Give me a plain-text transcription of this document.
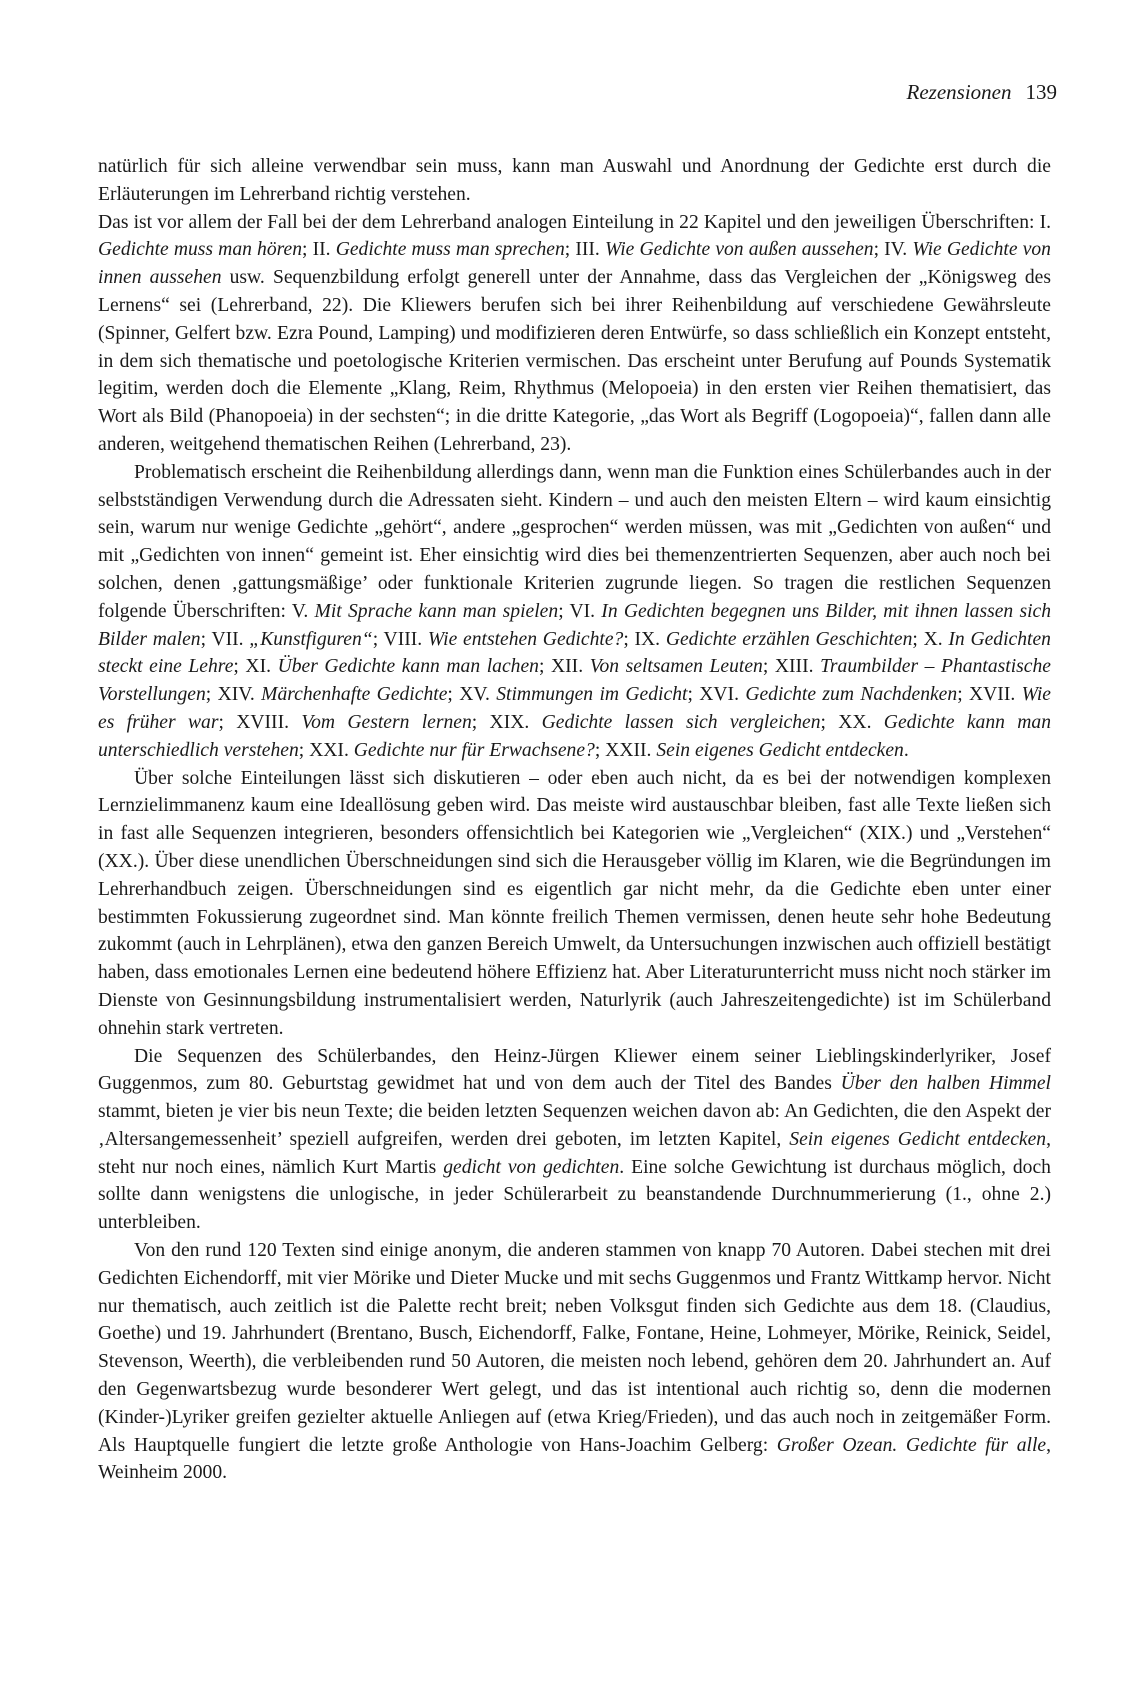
Rezensionen 139

natürlich für sich alleine verwendbar sein muss, kann man Auswahl und Anordnung der Gedichte erst durch die Erläuterungen im Lehrerband richtig verstehen.

Das ist vor allem der Fall bei der dem Lehrerband analogen Einteilung in 22 Kapitel und den jeweiligen Überschriften: I. Gedichte muss man hören; II. Gedichte muss man sprechen; III. Wie Gedichte von außen aussehen; IV. Wie Gedichte von innen aussehen usw. Sequenzbildung erfolgt generell unter der Annahme, dass das Vergleichen der „Königsweg des Lernens“ sei (Lehrerband, 22). Die Kliewers berufen sich bei ihrer Reihenbildung auf verschiedene Gewährsleute (Spinner, Gelfert bzw. Ezra Pound, Lamping) und modifizieren deren Entwürfe, so dass schließlich ein Konzept entsteht, in dem sich thematische und poetologische Kriterien vermischen. Das erscheint unter Berufung auf Pounds Systematik legitim, werden doch die Elemente „Klang, Reim, Rhythmus (Melopoeia) in den ersten vier Reihen thematisiert, das Wort als Bild (Phanopoeia) in der sechsten“; in die dritte Kategorie, „das Wort als Begriff (Logopoeia)“, fallen dann alle anderen, weitgehend thematischen Reihen (Lehrerband, 23).

Problematisch erscheint die Reihenbildung allerdings dann, wenn man die Funktion eines Schülerbandes auch in der selbstständigen Verwendung durch die Adressaten sieht. Kindern – und auch den meisten Eltern – wird kaum einsichtig sein, warum nur wenige Gedichte „gehört“, andere „gesprochen“ werden müssen, was mit „Gedichten von außen“ und mit „Gedichten von innen“ gemeint ist. Eher einsichtig wird dies bei themenzentrierten Sequenzen, aber auch noch bei solchen, denen ‚gattungsmäßige’ oder funktionale Kriterien zugrunde liegen. So tragen die restlichen Sequenzen folgende Überschriften: V. Mit Sprache kann man spielen; VI. In Gedichten begegnen uns Bilder, mit ihnen lassen sich Bilder malen; VII. „Kunstfiguren“; VIII. Wie entstehen Gedichte?; IX. Gedichte erzählen Geschichten; X. In Gedichten steckt eine Lehre; XI. Über Gedichte kann man lachen; XII. Von seltsamen Leuten; XIII. Traumbilder – Phantastische Vorstellungen; XIV. Märchenhafte Gedichte; XV. Stimmungen im Gedicht; XVI. Gedichte zum Nachdenken; XVII. Wie es früher war; XVIII. Vom Gestern lernen; XIX. Gedichte lassen sich vergleichen; XX. Gedichte kann man unterschiedlich verstehen; XXI. Gedichte nur für Erwachsene?; XXII. Sein eigenes Gedicht entdecken.

Über solche Einteilungen lässt sich diskutieren – oder eben auch nicht, da es bei der notwendigen komplexen Lernzielimmanenz kaum eine Ideallösung geben wird. Das meiste wird austauschbar bleiben, fast alle Texte ließen sich in fast alle Sequenzen integrieren, besonders offensichtlich bei Kategorien wie „Vergleichen“ (XIX.) und „Verstehen“ (XX.). Über diese unendlichen Überschneidungen sind sich die Herausgeber völlig im Klaren, wie die Begründungen im Lehrerhandbuch zeigen. Überschneidungen sind es eigentlich gar nicht mehr, da die Gedichte eben unter einer bestimmten Fokussierung zugeordnet sind. Man könnte freilich Themen vermissen, denen heute sehr hohe Bedeutung zukommt (auch in Lehrplänen), etwa den ganzen Bereich Umwelt, da Untersuchungen inzwischen auch offiziell bestätigt haben, dass emotionales Lernen eine bedeutend höhere Effizienz hat. Aber Literaturunterricht muss nicht noch stärker im Dienste von Gesinnungsbildung instrumentalisiert werden, Naturlyrik (auch Jahreszeitengedichte) ist im Schülerband ohnehin stark vertreten.

Die Sequenzen des Schülerbandes, den Heinz-Jürgen Kliewer einem seiner Lieblingskinderlyriker, Josef Guggenmos, zum 80. Geburtstag gewidmet hat und von dem auch der Titel des Bandes Über den halben Himmel stammt, bieten je vier bis neun Texte; die beiden letzten Sequenzen weichen davon ab: An Gedichten, die den Aspekt der ‚Altersangemessenheit’ speziell aufgreifen, werden drei geboten, im letzten Kapitel, Sein eigenes Gedicht entdecken, steht nur noch eines, nämlich Kurt Martis gedicht von gedichten. Eine solche Gewichtung ist durchaus möglich, doch sollte dann wenigstens die unlogische, in jeder Schülerarbeit zu beanstandende Durchnummerierung (1., ohne 2.) unterbleiben.

Von den rund 120 Texten sind einige anonym, die anderen stammen von knapp 70 Autoren. Dabei stechen mit drei Gedichten Eichendorff, mit vier Mörike und Dieter Mucke und mit sechs Guggenmos und Frantz Wittkamp hervor. Nicht nur thematisch, auch zeitlich ist die Palette recht breit; neben Volksgut finden sich Gedichte aus dem 18. (Claudius, Goethe) und 19. Jahrhundert (Brentano, Busch, Eichendorff, Falke, Fontane, Heine, Lohmeyer, Mörike, Reinick, Seidel, Stevenson, Weerth), die verbleibenden rund 50 Autoren, die meisten noch lebend, gehören dem 20. Jahrhundert an. Auf den Gegenwartsbezug wurde besonderer Wert gelegt, und das ist intentional auch richtig so, denn die modernen (Kinder-)Lyriker greifen gezielter aktuelle Anliegen auf (etwa Krieg/Frieden), und das auch noch in zeitgemäßer Form. Als Hauptquelle fungiert die letzte große Anthologie von Hans-Joachim Gelberg: Großer Ozean. Gedichte für alle, Weinheim 2000.
